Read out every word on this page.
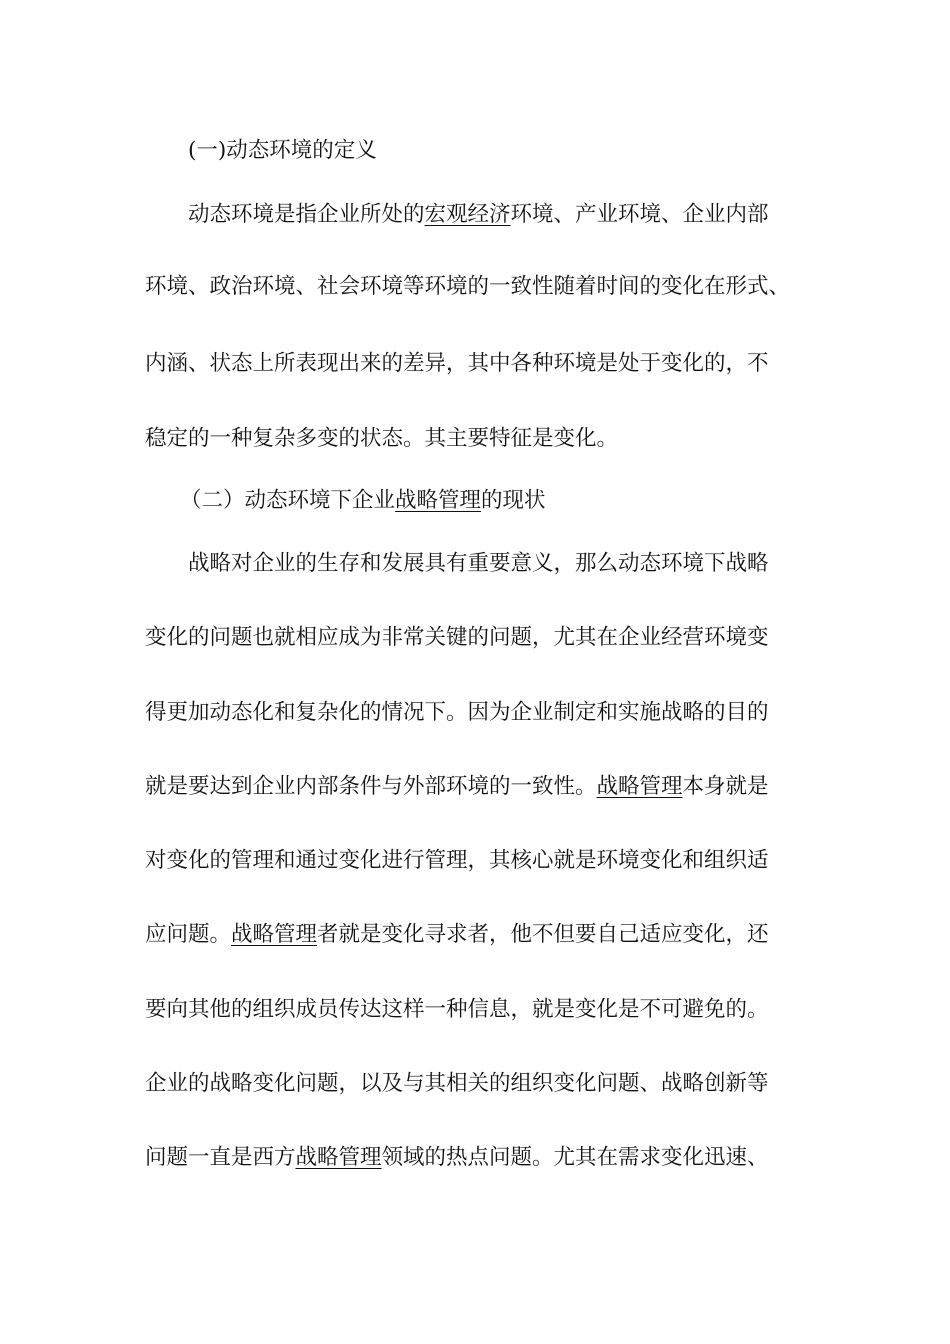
(一)动态环境的定义
动态环境是指企业所处的宏观经济环境、产业环境、企业内部
环境、政治环境、社会环境等环境的一致性随着时间的变化在形式、
内涵、状态上所表现出来的差异，其中各种环境是处于变化的，不
稳定的一种复杂多变的状态。其主要特征是变化。
（二）动态环境下企业战略管理的现状
战略对企业的生存和发展具有重要意义，那么动态环境下战略
变化的问题也就相应成为非常关键的问题，尤其在企业经营环境变
得更加动态化和复杂化的情况下。因为企业制定和实施战略的目的
就是要达到企业内部条件与外部环境的一致性。战略管理本身就是
对变化的管理和通过变化进行管理，其核心就是环境变化和组织适
应问题。战略管理者就是变化寻求者，他不但要自己适应变化，还
要向其他的组织成员传达这样一种信息，就是变化是不可避免的。
企业的战略变化问题，以及与其相关的组织变化问题、战略创新等
问题一直是西方战略管理领域的热点问题。尤其在需求变化迅速、
